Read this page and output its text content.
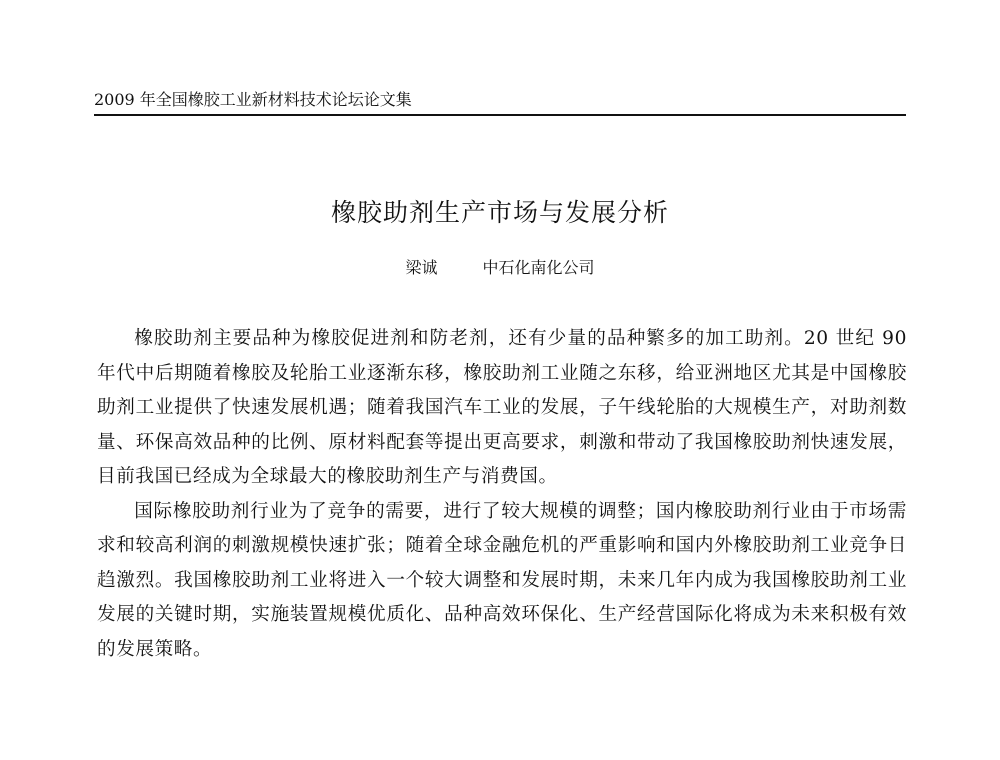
2009 年全国橡胶工业新材料技术论坛论文集
橡胶助剂生产市场与发展分析
梁诚	中石化南化公司

橡胶助剂主要品种为橡胶促进剂和防老剂，还有少量的品种繁多的加工助剂。20 世纪 90 年代中后期随着橡胶及轮胎工业逐渐东移，橡胶助剂工业随之东移，给亚洲地区尤其是中国橡胶助剂工业提供了快速发展机遇；随着我国汽车工业的发展，子午线轮胎的大规模生产，对助剂数量、环保高效品种的比例、原材料配套等提出更高要求，刺激和带动了我国橡胶助剂快速发展，目前我国已经成为全球最大的橡胶助剂生产与消费国。

国际橡胶助剂行业为了竞争的需要，进行了较大规模的调整；国内橡胶助剂行业由于市场需求和较高利润的刺激规模快速扩张；随着全球金融危机的严重影响和国内外橡胶助剂工业竞争日趋激烈。我国橡胶助剂工业将进入一个较大调整和发展时期，未来几年内成为我国橡胶助剂工业发展的关键时期，实施装置规模优质化、品种高效环保化、生产经营国际化将成为未来积极有效的发展策略。
